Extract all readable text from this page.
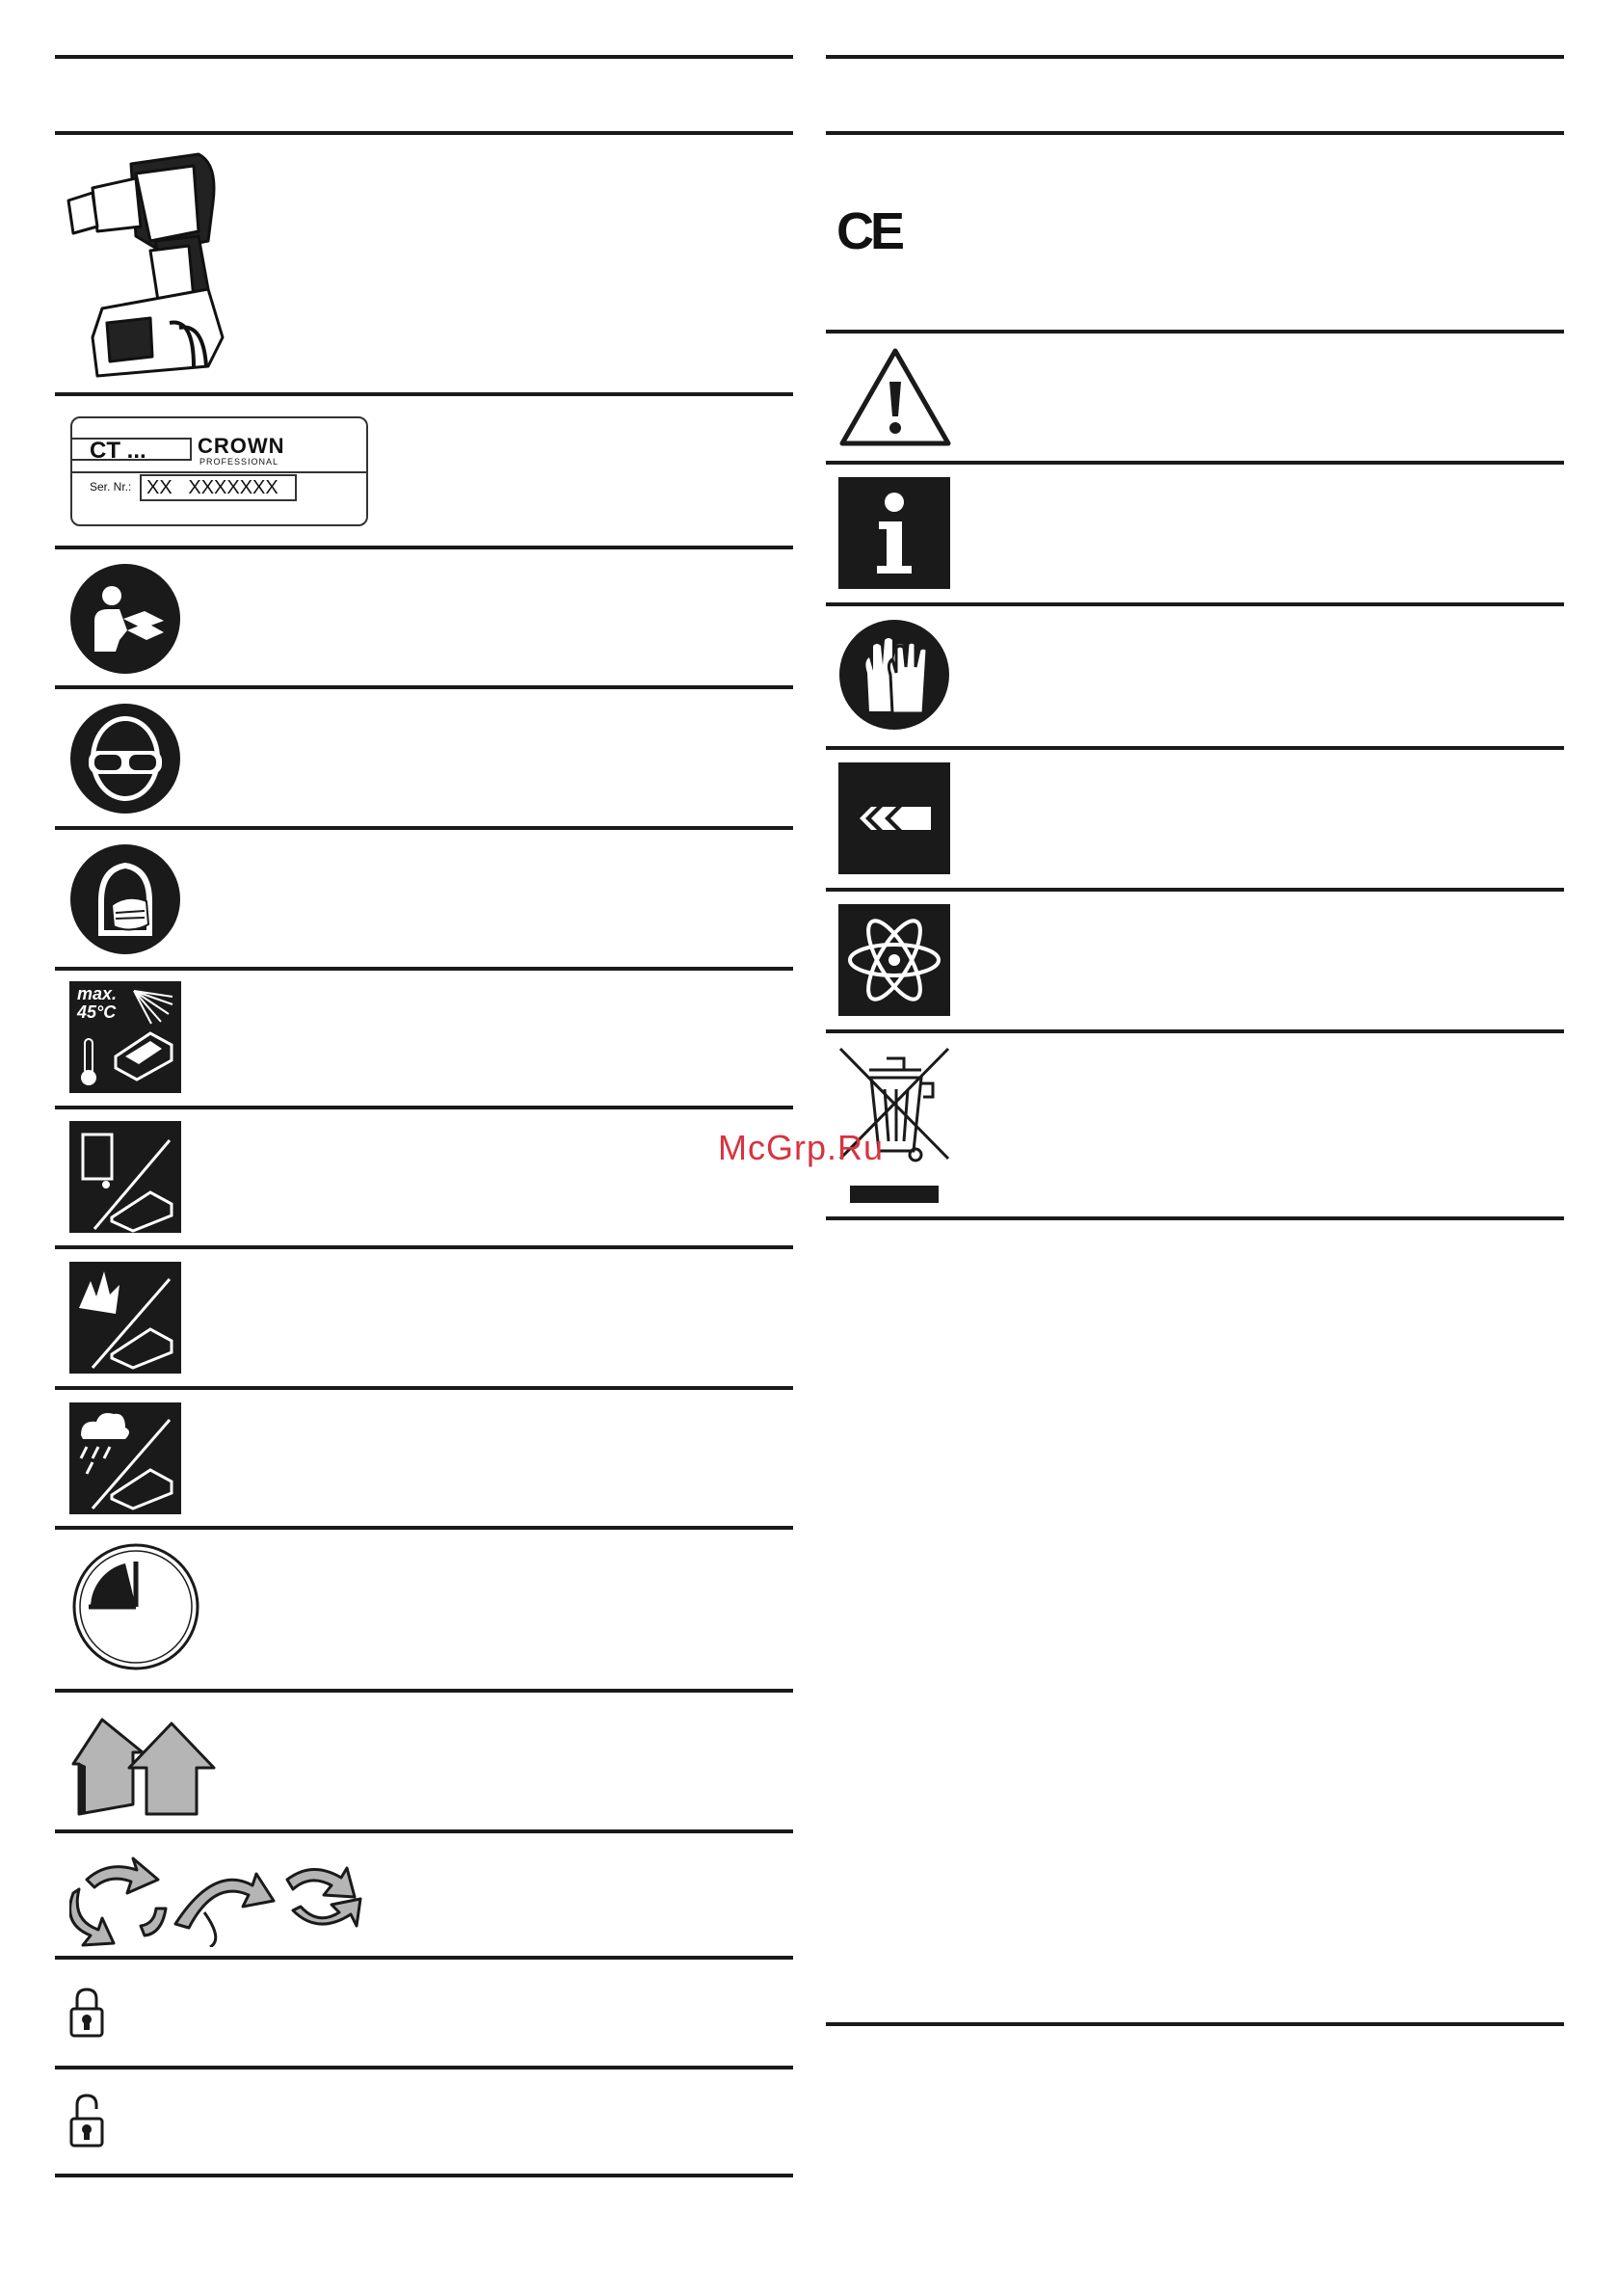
CT ...	CROWN
PROFESSIONAL
Ser. Nr.: XX   XXXXXXX
max.
45°C
CE
McGrp.Ru
